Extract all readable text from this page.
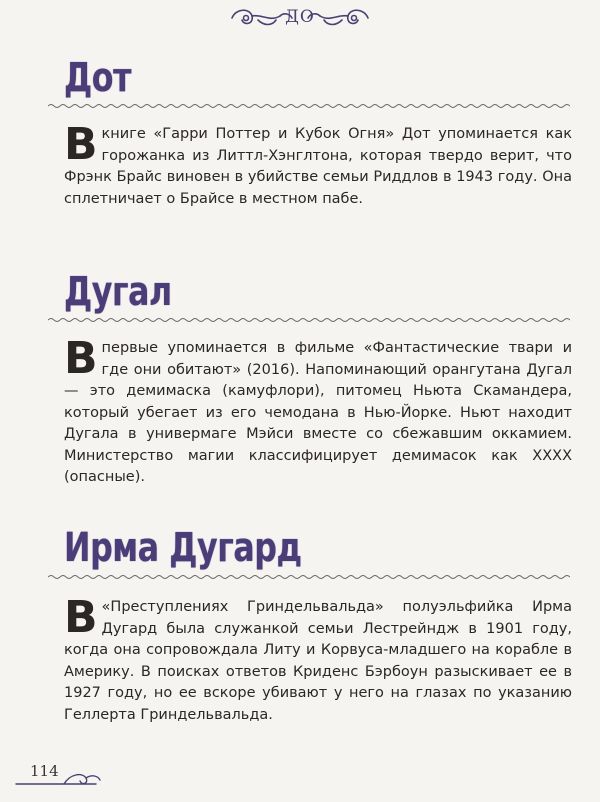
ДО
Дот
В книге «Гарри Поттер и Кубок Огня» Дот упоминается как горожанка из Литтл-Хэнглтона, которая твердо верит, что Фрэнк Брайс виновен в убийстве семьи Риддлов в 1943 году. Она сплетничает о Брайсе в местном пабе.
Дугал
Впервые упоминается в фильме «Фантастические твари и где они обитают» (2016). Напоминающий орангутана Дугал — это демимаска (камуфлори), питомец Ньюта Скамандера, который убегает из его чемодана в Нью-Йорке. Ньют находит Дугала в универмаге Мэйси вместе со сбежавшим оккамием. Министерство магии классифицирует демимасок как XXXX (опасные).
Ирма Дугард
В «Преступлениях Гриндельвальда» полуэльфийка Ирма Дугард была служанкой семьи Лестрейндж в 1901 году, когда она сопровождала Литу и Корвуса-младшего на корабле в Америку. В поисках ответов Криденс Бэрбоун разыскивает ее в 1927 году, но ее вскоре убивают у него на глазах по указанию Геллерта Гриндельвальда.
114
